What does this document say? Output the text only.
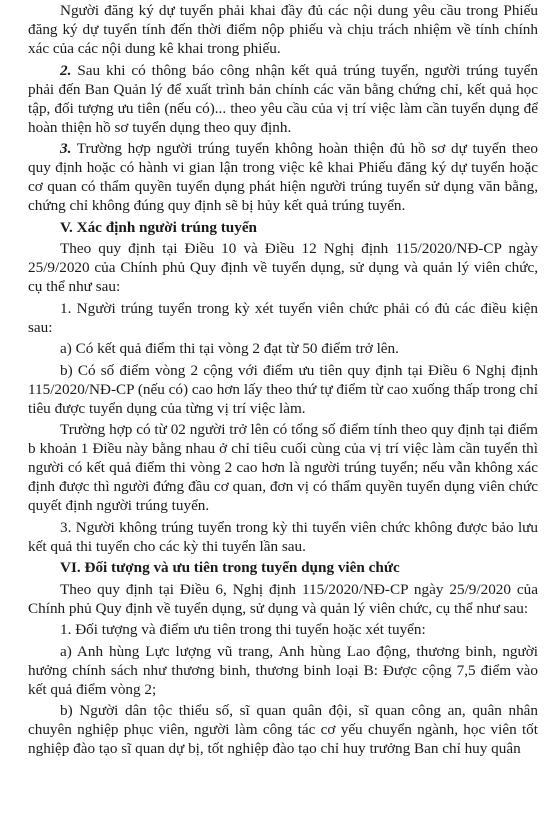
Người đăng ký dự tuyển phải khai đầy đủ các nội dung yêu cầu trong Phiếu đăng ký dự tuyển tính đến thời điểm nộp phiếu và chịu trách nhiệm về tính chính xác của các nội dung kê khai trong phiếu.

2. Sau khi có thông báo công nhận kết quả trúng tuyển, người trúng tuyển phải đến Ban Quản lý để xuất trình bản chính các văn bằng chứng chỉ, kết quả học tập, đối tượng ưu tiên (nếu có)... theo yêu cầu của vị trí việc làm cần tuyển dụng để hoàn thiện hồ sơ tuyển dụng theo quy định.

3. Trường hợp người trúng tuyển không hoàn thiện đủ hồ sơ dự tuyển theo quy định hoặc có hành vi gian lận trong việc kê khai Phiếu đăng ký dự tuyển hoặc cơ quan có thẩm quyền tuyển dụng phát hiện người trúng tuyển sử dụng văn bằng, chứng chỉ không đúng quy định sẽ bị hủy kết quả trúng tuyển.

V. Xác định người trúng tuyển

Theo quy định tại Điều 10 và Điều 12 Nghị định 115/2020/NĐ-CP ngày 25/9/2020 của Chính phủ Quy định về tuyển dụng, sử dụng và quản lý viên chức, cụ thể như sau:

1. Người trúng tuyển trong kỳ xét tuyển viên chức phải có đủ các điều kiện sau:

a) Có kết quả điểm thi tại vòng 2 đạt từ 50 điểm trở lên.

b) Có số điểm vòng 2 cộng với điểm ưu tiên quy định tại Điều 6 Nghị định 115/2020/NĐ-CP (nếu có) cao hơn lấy theo thứ tự điểm từ cao xuống thấp trong chỉ tiêu được tuyển dụng của từng vị trí việc làm.

Trường hợp có từ 02 người trở lên có tổng số điểm tính theo quy định tại điểm b khoản 1 Điều này bằng nhau ở chỉ tiêu cuối cùng của vị trí việc làm cần tuyển thì người có kết quả điểm thi vòng 2 cao hơn là người trúng tuyển; nếu vẫn không xác định được thì người đứng đầu cơ quan, đơn vị có thẩm quyền tuyển dụng viên chức quyết định người trúng tuyển.

3. Người không trúng tuyển trong kỳ thi tuyển viên chức không được bảo lưu kết quả thi tuyển cho các kỳ thi tuyển lần sau.

VI. Đối tượng và ưu tiên trong tuyển dụng viên chức

Theo quy định tại Điều 6, Nghị định 115/2020/NĐ-CP ngày 25/9/2020 của Chính phủ Quy định về tuyển dụng, sử dụng và quản lý viên chức, cụ thể như sau:

1. Đối tượng và điểm ưu tiên trong thi tuyển hoặc xét tuyển:

a) Anh hùng Lực lượng vũ trang, Anh hùng Lao động, thương binh, người hưởng chính sách như thương binh, thương binh loại B: Được cộng 7,5 điểm vào kết quả điểm vòng 2;

b) Người dân tộc thiểu số, sĩ quan quân đội, sĩ quan công an, quân nhân chuyên nghiệp phục viên, người làm công tác cơ yếu chuyển ngành, học viên tốt nghiệp đào tạo sĩ quan dự bị, tốt nghiệp đào tạo chỉ huy trưởng Ban chỉ huy quân
